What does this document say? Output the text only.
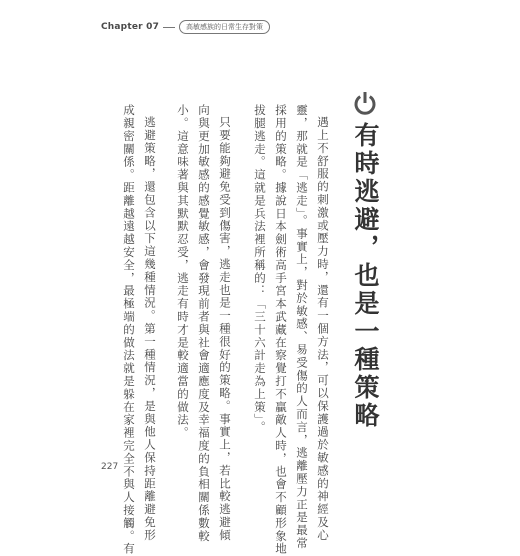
Chapter 07	高敏感族的日常生存對策
有時逃避，也是一種策略
遇上不舒服的刺激或壓力時，還有一個方法，可以保護過於敏感的神經及心
靈，那就是「逃走」。事實上，對於敏感、易受傷的人而言，逃離壓力正是最常
採用的策略。據說日本劍術高手宮本武藏在察覺打不贏敵人時，也會不顧形象地
拔腿逃走。這就是兵法裡所稱的：「三十六計走為上策」。
只要能夠避免受到傷害，逃走也是一種很好的策略。事實上，若比較逃避傾
向與更加敏感的感覺敏感，會發現前者與社會適應度及幸福度的負相關係數較
小。這意味著與其默默忍受，逃走有時才是較適當的做法。
逃避策略，還包含以下這幾種情況。第一種情況，是與他人保持距離避免形
成親密關係。距離越遠越安全，最極端的做法就是躲在家裡完全不與人接觸。有
227
